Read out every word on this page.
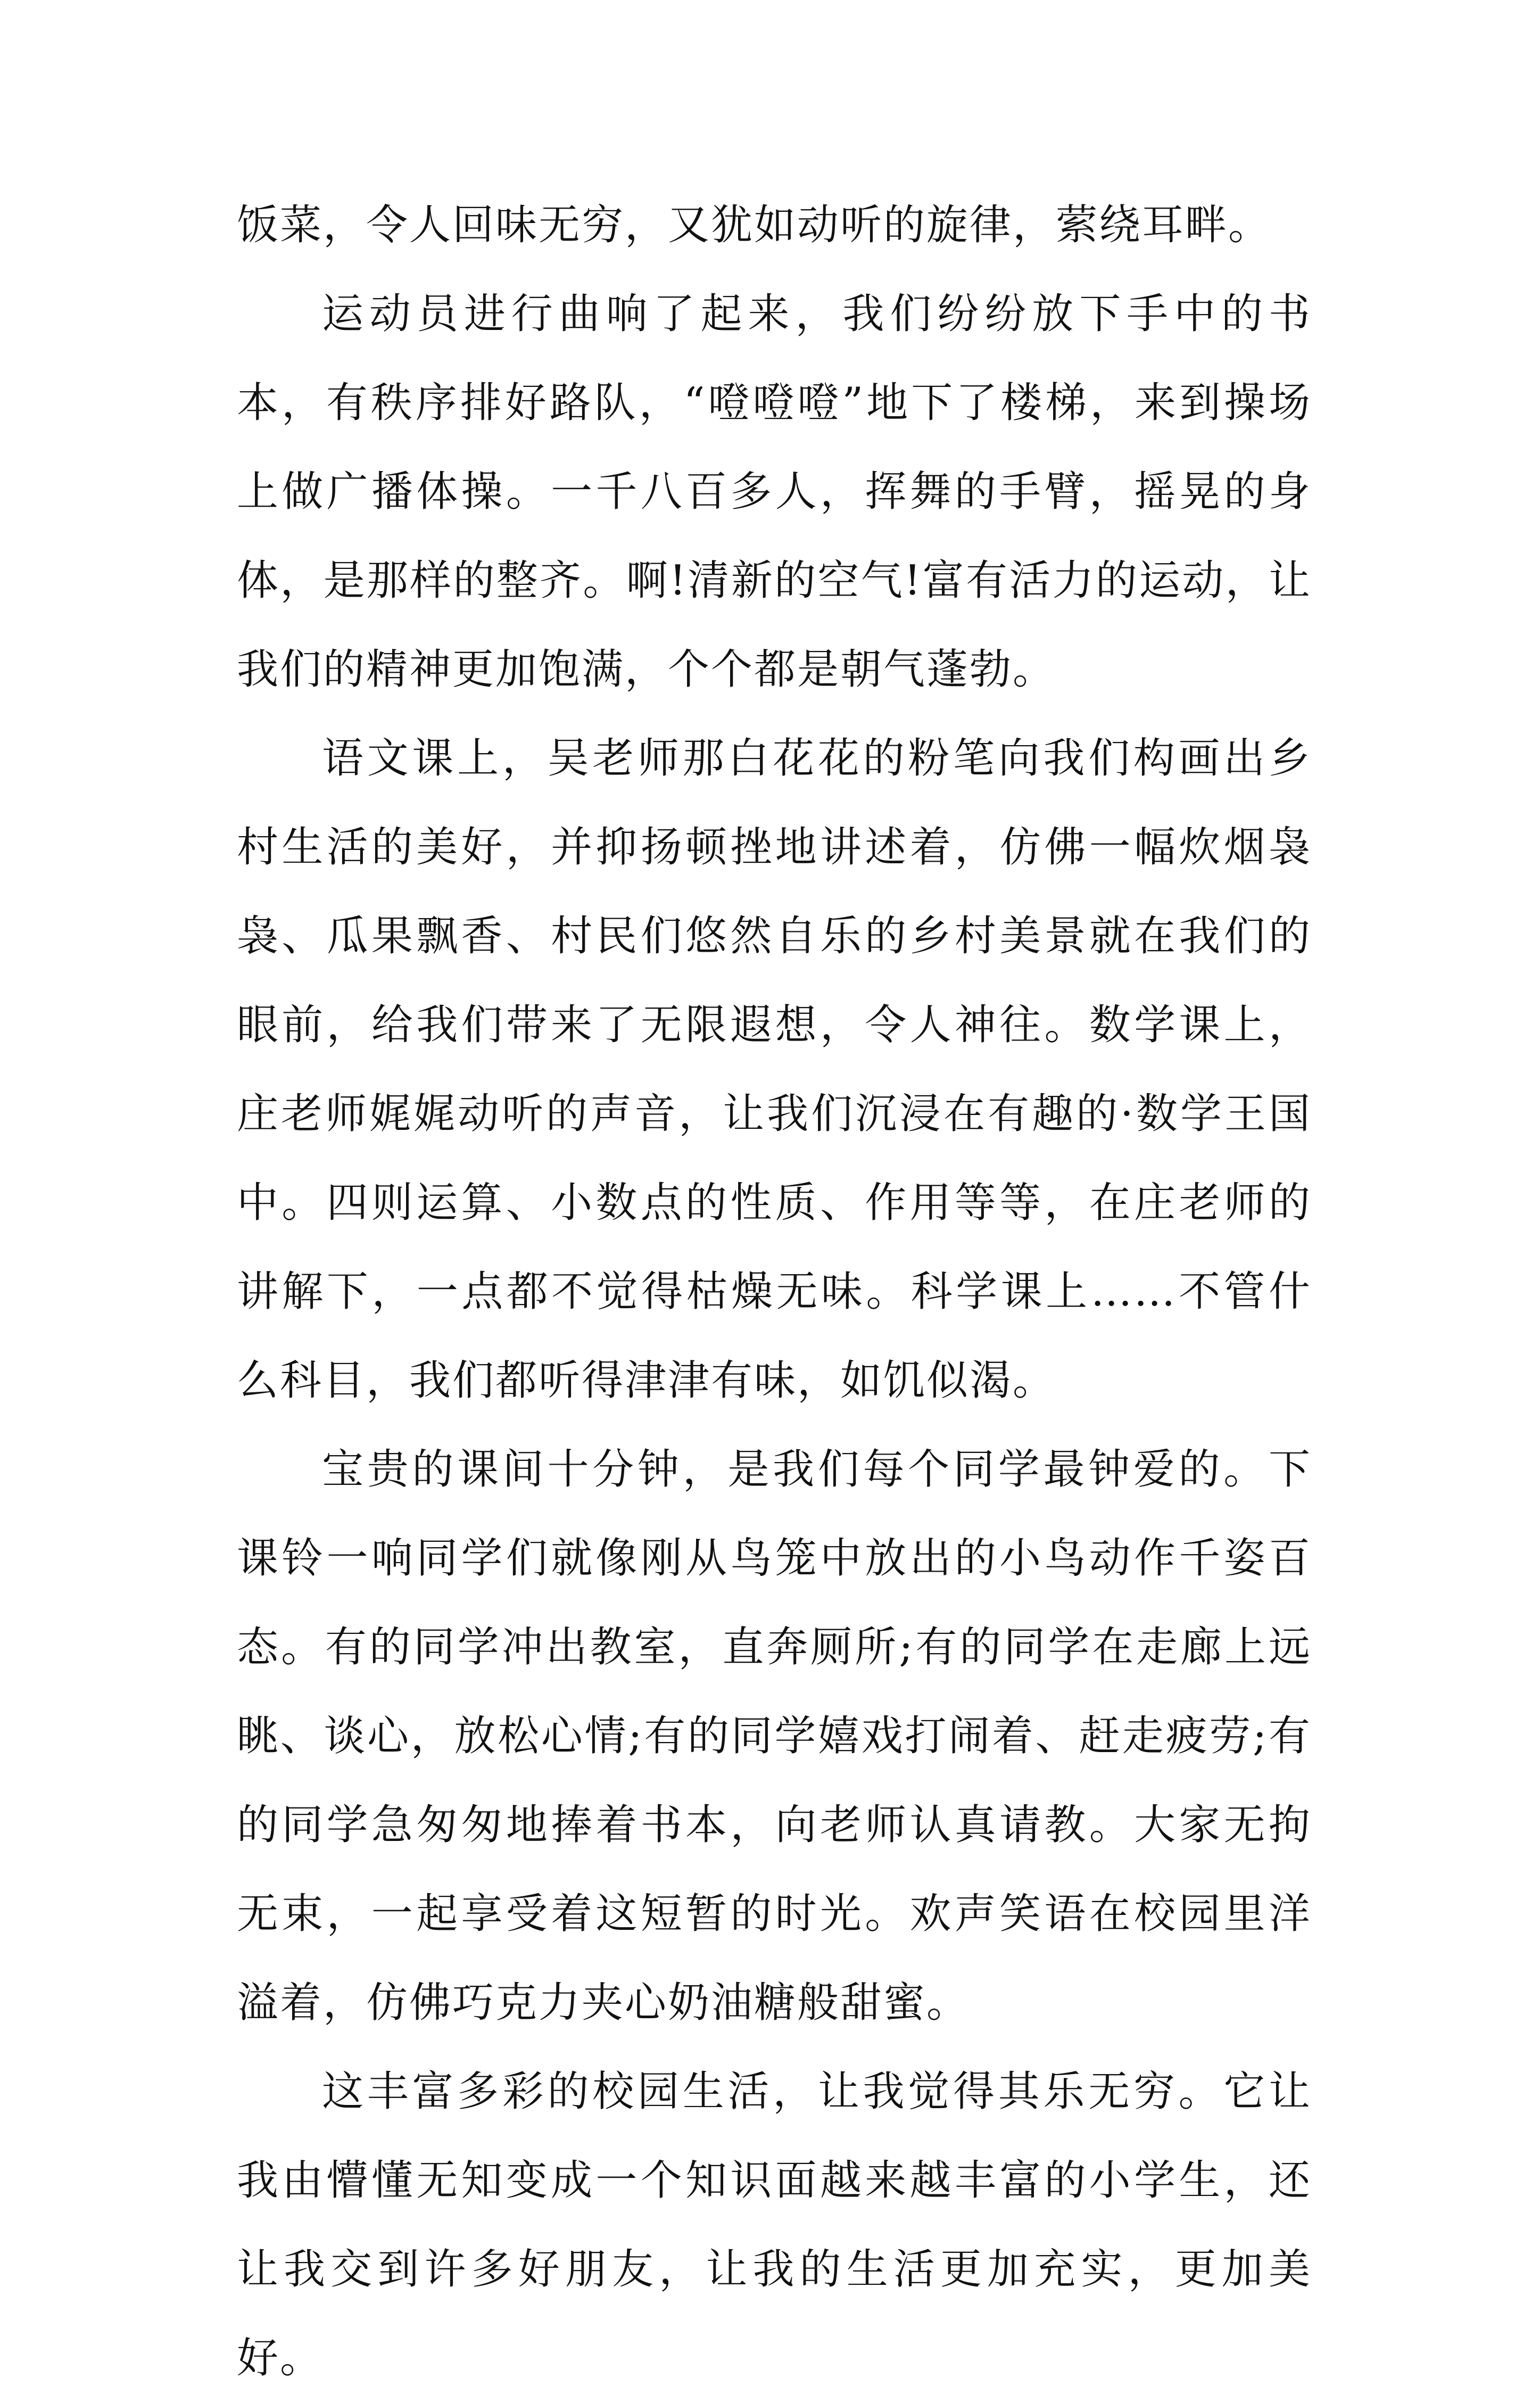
饭菜，令人回味无穷，又犹如动听的旋律，萦绕耳畔。

运动员进行曲响了起来，我们纷纷放下手中的书本，有秩序排好路队，“噔噔噔”地下了楼梯，来到操场上做广播体操。一千八百多人，挥舞的手臂，摇晃的身体，是那样的整齐。啊!清新的空气!富有活力的运动，让我们的精神更加饱满，个个都是朝气蓬勃。

语文课上，吴老师那白花花的粉笔向我们构画出乡村生活的美好，并抑扬顿挫地讲述着，仿佛一幅炊烟袅袅、瓜果飘香、村民们悠然自乐的乡村美景就在我们的眼前，给我们带来了无限遐想，令人神往。数学课上，庄老师娓娓动听的声音，让我们沉浸在有趣的·数学王国中。四则运算、小数点的性质、作用等等，在庄老师的讲解下，一点都不觉得枯燥无味。科学课上……不管什么科目，我们都听得津津有味，如饥似渴。

宝贵的课间十分钟，是我们每个同学最钟爱的。下课铃一响同学们就像刚从鸟笼中放出的小鸟动作千姿百态。有的同学冲出教室，直奔厕所;有的同学在走廊上远眺、谈心，放松心情;有的同学嬉戏打闹着、赶走疲劳;有的同学急匆匆地捧着书本，向老师认真请教。大家无拘无束，一起享受着这短暂的时光。欢声笑语在校园里洋溢着，仿佛巧克力夹心奶油糖般甜蜜。

这丰富多彩的校园生活，让我觉得其乐无穷。它让我由懵懂无知变成一个知识面越来越丰富的小学生，还让我交到许多好朋友，让我的生活更加充实，更加美好。
